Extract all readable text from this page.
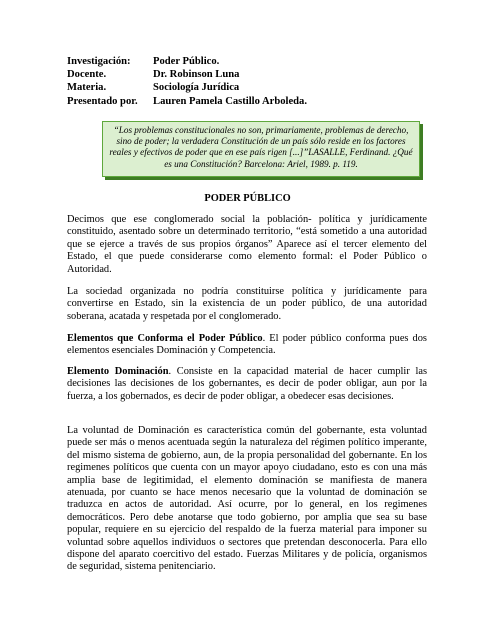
Investigación:	Poder Público.
Docente.	Dr. Robinson Luna
Materia.	Sociología Jurídica
Presentado por.	Lauren Pamela Castillo Arboleda.
“Los problemas constitucionales no son, primariamente, problemas de derecho, sino de poder; la verdadera Constitución de un país sólo reside en los factores reales y efectivos de poder que en ese país rigen [...]”LASALLE, Ferdinand. ¿Qué es una Constitución? Barcelona: Ariel, 1989. p. 119.
PODER PÚBLICO

Decimos que ese conglomerado social la población- política y jurídicamente constituido, asentado sobre un determinado territorio, “está sometido a una autoridad que se ejerce a través de sus propios órganos” Aparece así el tercer elemento del Estado, el que puede considerarse como elemento formal: el Poder Público o Autoridad.

La sociedad organizada no podría constituirse política y jurídicamente para convertirse en Estado, sin la existencia de un poder público, de una autoridad soberana, acatada y respetada por el conglomerado.

Elementos que Conforma el Poder Público. El poder público conforma pues dos elementos esenciales Dominación y Competencia.

Elemento Dominación. Consiste en la capacidad material de hacer cumplir las decisiones las decisiones de los gobernantes, es decir de poder obligar, aun por la fuerza, a los gobernados, es decir de poder obligar, a obedecer esas decisiones.

La voluntad de Dominación es característica común del gobernante, esta voluntad puede ser más o menos acentuada según la naturaleza del régimen político imperante, del mismo sistema de gobierno, aun, de la propia personalidad del gobernante. En los regimenes políticos que cuenta con un mayor apoyo ciudadano, esto es con una más amplia base de legitimidad, el elemento dominación se manifiesta de manera atenuada, por cuanto se hace menos necesario que la voluntad de dominación se traduzca en actos de autoridad. Así ocurre, por lo general, en los regimenes democráticos. Pero debe anotarse que todo gobierno, por amplia que sea su base popular, requiere en su ejercicio del respaldo de la fuerza material para imponer su voluntad sobre aquellos individuos o sectores que pretendan desconocerla. Para ello dispone del aparato coercitivo del estado. Fuerzas Militares y de policía, organismos de seguridad, sistema penitenciario.
